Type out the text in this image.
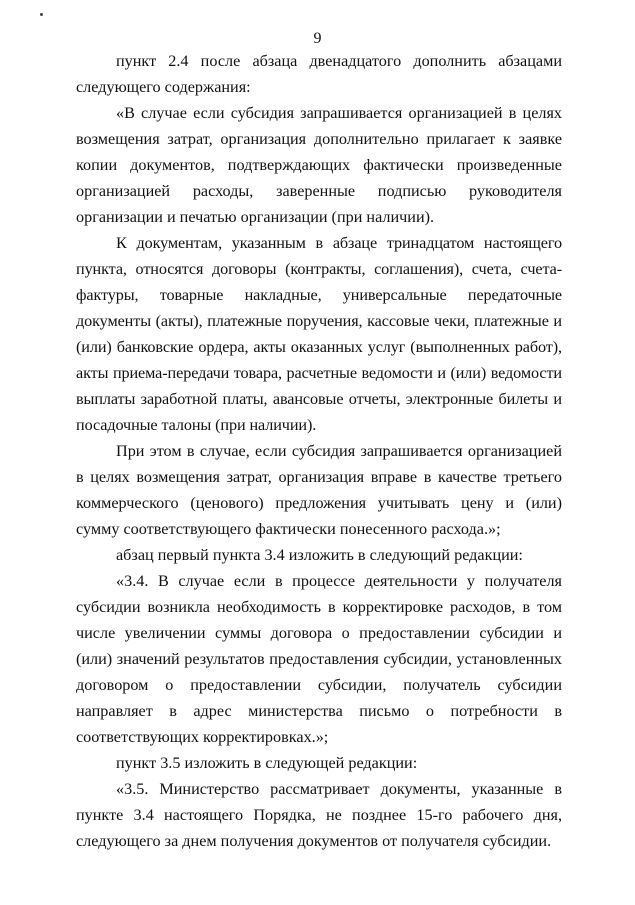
9

пункт 2.4 после абзаца двенадцатого дополнить абзацами следующего содержания:

«В случае если субсидия запрашивается организацией в целях возмещения затрат, организация дополнительно прилагает к заявке копии документов, подтверждающих фактически произведенные организацией расходы, заверенные подписью руководителя организации и печатью организации (при наличии).

К документам, указанным в абзаце тринадцатом настоящего пункта, относятся договоры (контракты, соглашения), счета, счета-фактуры, товарные накладные, универсальные передаточные документы (акты), платежные поручения, кассовые чеки, платежные и (или) банковские ордера, акты оказанных услуг (выполненных работ), акты приема-передачи товара, расчетные ведомости и (или) ведомости выплаты заработной платы, авансовые отчеты, электронные билеты и посадочные талоны (при наличии).

При этом в случае, если субсидия запрашивается организацией в целях возмещения затрат, организация вправе в качестве третьего коммерческого (ценового) предложения учитывать цену и (или) сумму соответствующего фактически понесенного расхода.»;

абзац первый пункта 3.4 изложить в следующий редакции:

«3.4. В случае если в процессе деятельности у получателя субсидии возникла необходимость в корректировке расходов, в том числе увеличении суммы договора о предоставлении субсидии и (или) значений результатов предоставления субсидии, установленных договором о предоставлении субсидии, получатель субсидии направляет в адрес министерства письмо о потребности в соответствующих корректировках.»;

пункт 3.5 изложить в следующей редакции:

«3.5. Министерство рассматривает документы, указанные в пункте 3.4 настоящего Порядка, не позднее 15-го рабочего дня, следующего за днем получения документов от получателя субсидии.
